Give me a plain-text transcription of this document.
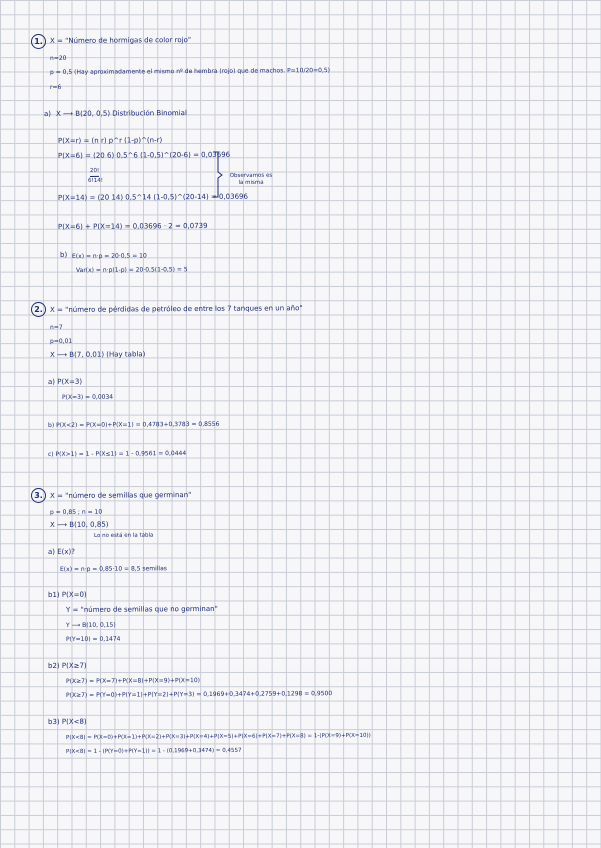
1.	X = "Número de hormigas de color rojo"
n=20
p = 0,5 (Hay aproximadamente el mismo nº de hembra (rojo) que de machos. P=10/20=0,5)
r=6
a) X ⟶ B(20, 0,5) Distribución Binomial
P(X=r) = (n r) p^r (1-p)^(n-r)
P(X=6) = (20 6) 0,5^6 (1-0,5)^(20-6) = 0,03696
20!
6!14!
P(X=14) = (20 14) 0,5^14 (1-0,5)^(20-14) = 0,03696
Observamos es la misma
P(X=6) + P(X=14) = 0,03696 · 2 = 0,0739
b) E(x) = n·p = 20·0,5 = 10
Var(x) = n·p(1-p) = 20·0,5(1-0,5) = 5
2.	X = "número de pérdidas de petróleo de entre los 7 tanques en un año"
n=7
p=0,01
X ⟶ B(7, 0,01) (Hay tabla)
a) P(X=3)
P(X=3) = 0,0034
b) P(X<2) = P(X=0)+P(X=1) = 0,4783+0,3783 = 0,8556
c) P(X>1) = 1 - P(X≤1) = 1 - 0,9561 = 0,0444
3.	X = "número de semillas que germinan"
p = 0,85 ; n = 10
X ⟶ B(10, 0,85)
Lo no está en la tabla
a) E(x)?
E(x) = n·p = 0,85·10 = 8,5 semillas
b1) P(X=0)
Y = "número de semillas que no germinan"
Y ⟶ B(10, 0,15)
P(Y=10) = 0,1474
b2) P(X≥7)
P(X≥7) = P(X=7)+P(X=8)+P(X=9)+P(X=10)
P(X≥7) = P(Y=0)+P(Y=1)+P(Y=2)+P(Y=3) = 0,1969+0,3474+0,2759+0,1298 = 0,9500
b3) P(X<8)
P(X<8) = P(X=0)+P(X=1)+P(X=2)+P(X=3)+P(X=4)+P(X=5)+P(X=6)+P(X=7)+P(X=8) = 1-(P(X=9)+P(X=10))
P(X<8) = 1 - (P(Y=0)+P(Y=1)) = 1 - (0,1969+0,3474) = 0,4557
